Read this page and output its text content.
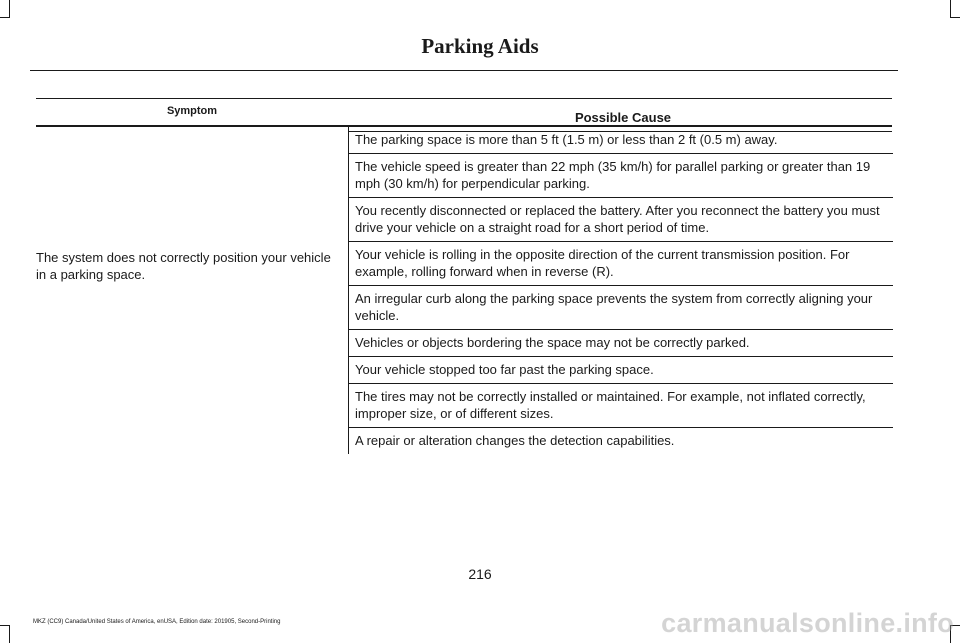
Parking Aids
Symptom	Possible Cause
The parking space is more than 5 ft (1.5 m) or less than 2 ft (0.5 m) away.
The vehicle speed is greater than 22 mph (35 km/h) for parallel parking or greater than 19 mph (30 km/h) for perpendicular parking.
You recently disconnected or replaced the battery. After you reconnect the battery you must drive your vehicle on a straight road for a short period of time.
The system does not correctly position your vehicle in a parking space.
Your vehicle is rolling in the opposite direction of the current transmission position. For example, rolling forward when in reverse (R).
An irregular curb along the parking space prevents the system from correctly aligning your vehicle.
Vehicles or objects bordering the space may not be correctly parked.
Your vehicle stopped too far past the parking space.
The tires may not be correctly installed or maintained. For example, not inflated correctly, improper size, or of different sizes.
A repair or alteration changes the detection capabilities.
216
MKZ (CC9) Canada/United States of America, enUSA, Edition date: 201905, Second-Printing	carmanualsonline.info
